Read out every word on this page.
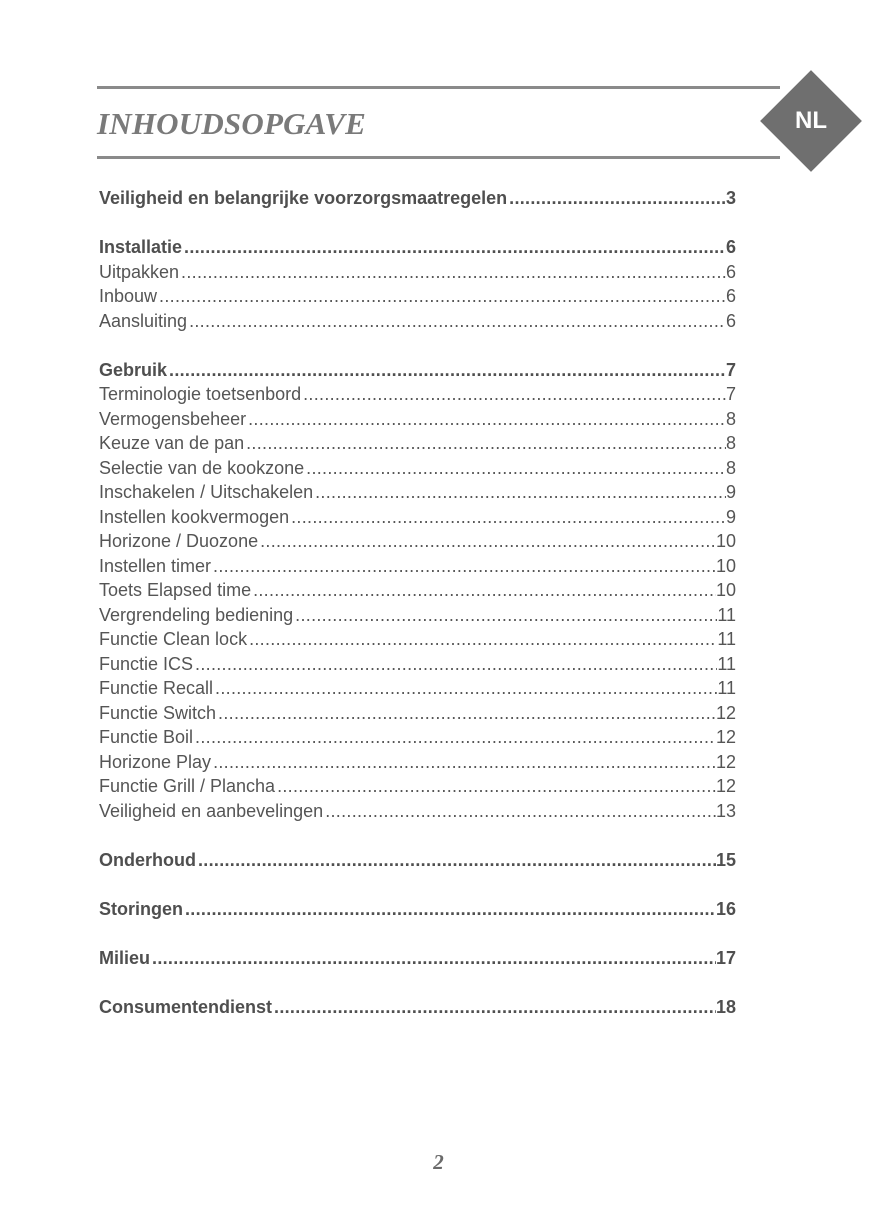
INHOUDSOPGAVE	NL
Veiligheid en belangrijke voorzorgsmaatregelen .....	3
Installatie .....	6
Uitpakken .....	6
Inbouw .....	6
Aansluiting .....	6
Gebruik .....	7
Terminologie toetsenbord .....	7
Vermogensbeheer .....	8
Keuze van de pan .....	8
Selectie van de kookzone .....	8
Inschakelen / Uitschakelen .....	9
Instellen kookvermogen .....	9
Horizone / Duozone .....	10
Instellen timer .....	10
Toets Elapsed time .....	10
Vergrendeling bediening .....	11
Functie Clean lock .....	11
Functie ICS .....	11
Functie Recall .....	11
Functie Switch .....	12
Functie Boil .....	12
Horizone Play .....	12
Functie Grill / Plancha .....	12
Veiligheid en aanbevelingen .....	13
Onderhoud .....	15
Storingen .....	16
Milieu .....	17
Consumentendienst .....	18
2
